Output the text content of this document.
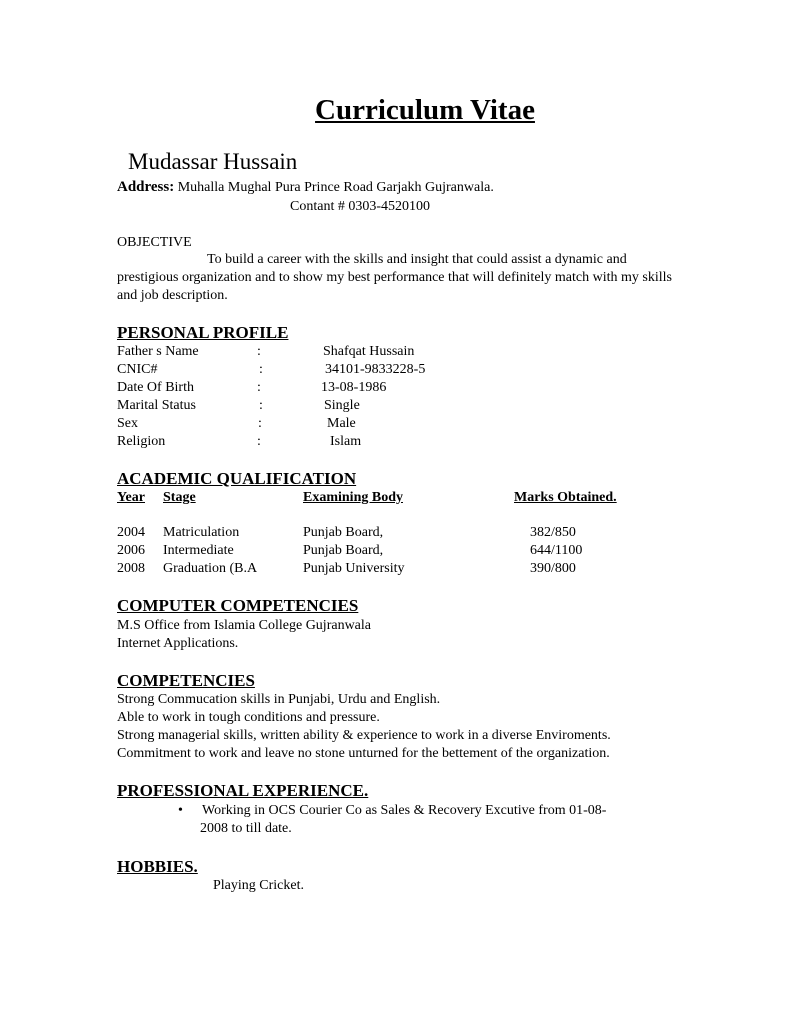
Curriculum Vitae
Mudassar Hussain
Address: Muhalla Mughal Pura Prince Road Garjakh Gujranwala.
Contant # 0303-4520100
OBJECTIVE
To build a career with the skills and insight that could assist a dynamic and prestigious organization and to show my best performance that will definitely match with my skills and job description.
PERSONAL PROFILE
Father s Name	:	Shafqat Hussain
CNIC#	:	34101-9833228-5
Date Of Birth	:	13-08-1986
Marital Status	:	Single
Sex	:	Male
Religion	:	Islam
ACADEMIC QUALIFICATION
Year Stage	Examining Body	Marks Obtained.
2004 Matriculation	Punjab Board,	382/850
2006 Intermediate	Punjab Board,	644/1100
2008 Graduation (B.A	Punjab University	390/800
COMPUTER COMPETENCIES
M.S Office from Islamia College Gujranwala
Internet Applications.
COMPETENCIES
Strong Commucation skills in Punjabi, Urdu and English.
Able to work in tough conditions and pressure.
Strong managerial skills, written ability & experience to work in a diverse Enviroments.
Commitment to work and leave no stone unturned for the bettement of the organization.
PROFESSIONAL EXPERIENCE.
• Working in OCS Courier Co as Sales & Recovery Excutive from 01-08-
2008 to till date.
HOBBIES.
Playing Cricket.
